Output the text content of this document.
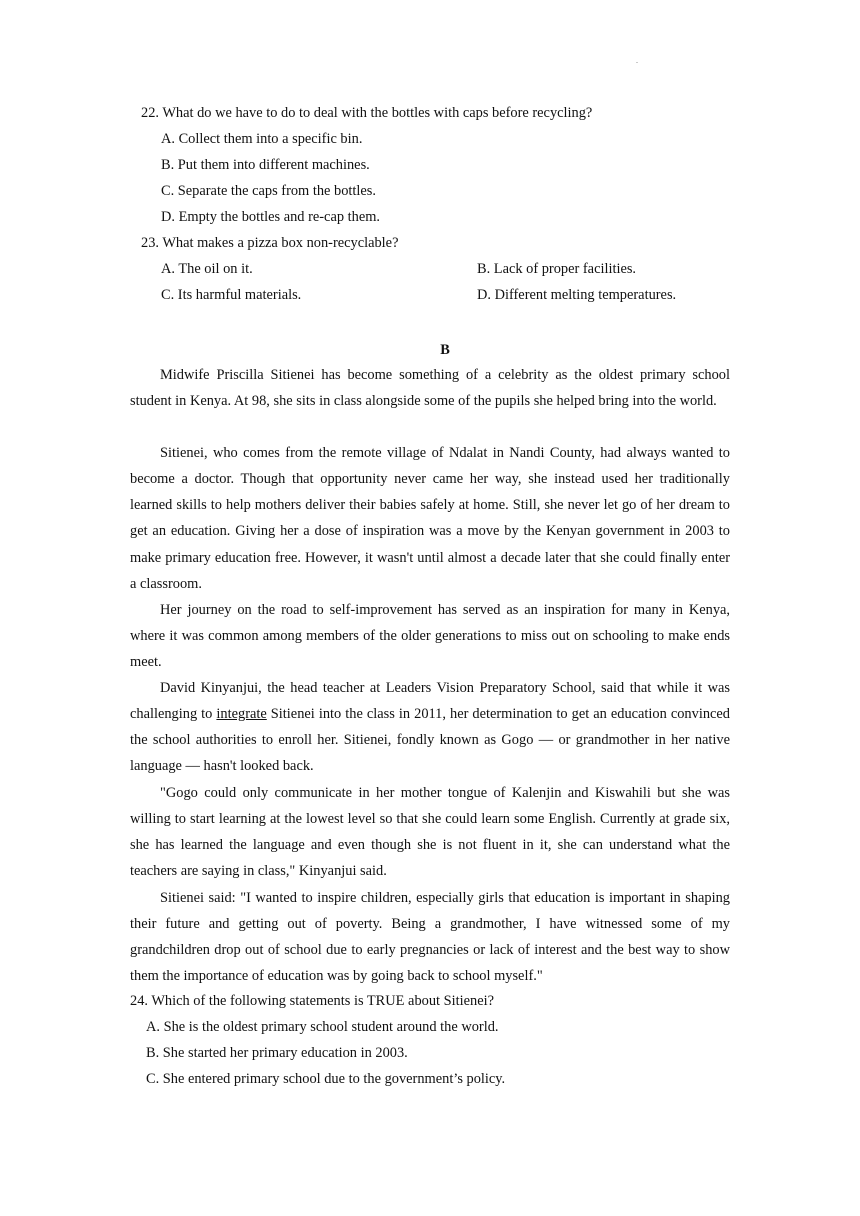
.
22. What do we have to do to deal with the bottles with caps before recycling?
A. Collect them into a specific bin.
B. Put them into different machines.
C. Separate the caps from the bottles.
D. Empty the bottles and re-cap them.
23. What makes a pizza box non-recyclable?
A. The oil on it.	B. Lack of proper facilities.
C. Its harmful materials.	D. Different melting temperatures.
B

Midwife Priscilla Sitienei has become something of a celebrity as the oldest primary school student in Kenya. At 98, she sits in class alongside some of the pupils she helped bring into the world.

Sitienei, who comes from the remote village of Ndalat in Nandi County, had always wanted to become a doctor. Though that opportunity never came her way, she instead used her traditionally learned skills to help mothers deliver their babies safely at home. Still, she never let go of her dream to get an education. Giving her a dose of inspiration was a move by the Kenyan government in 2003 to make primary education free. However, it wasn't until almost a decade later that she could finally enter a classroom.

Her journey on the road to self-improvement has served as an inspiration for many in Kenya, where it was common among members of the older generations to miss out on schooling to make ends meet.

David Kinyanjui, the head teacher at Leaders Vision Preparatory School, said that while it was challenging to integrate Sitienei into the class in 2011, her determination to get an education convinced the school authorities to enroll her. Sitienei, fondly known as Gogo — or grandmother in her native language — hasn't looked back.

"Gogo could only communicate in her mother tongue of Kalenjin and Kiswahili but she was willing to start learning at the lowest level so that she could learn some English. Currently at grade six, she has learned the language and even though she is not fluent in it, she can understand what the teachers are saying in class," Kinyanjui said.

Sitienei said: "I wanted to inspire children, especially girls that education is important in shaping their future and getting out of poverty. Being a grandmother, I have witnessed some of my grandchildren drop out of school due to early pregnancies or lack of interest and the best way to show them the importance of education was by going back to school myself."

24. Which of the following statements is TRUE about Sitienei?
A. She is the oldest primary school student around the world.
B. She started her primary education in 2003.
C. She entered primary school due to the government’s policy.
